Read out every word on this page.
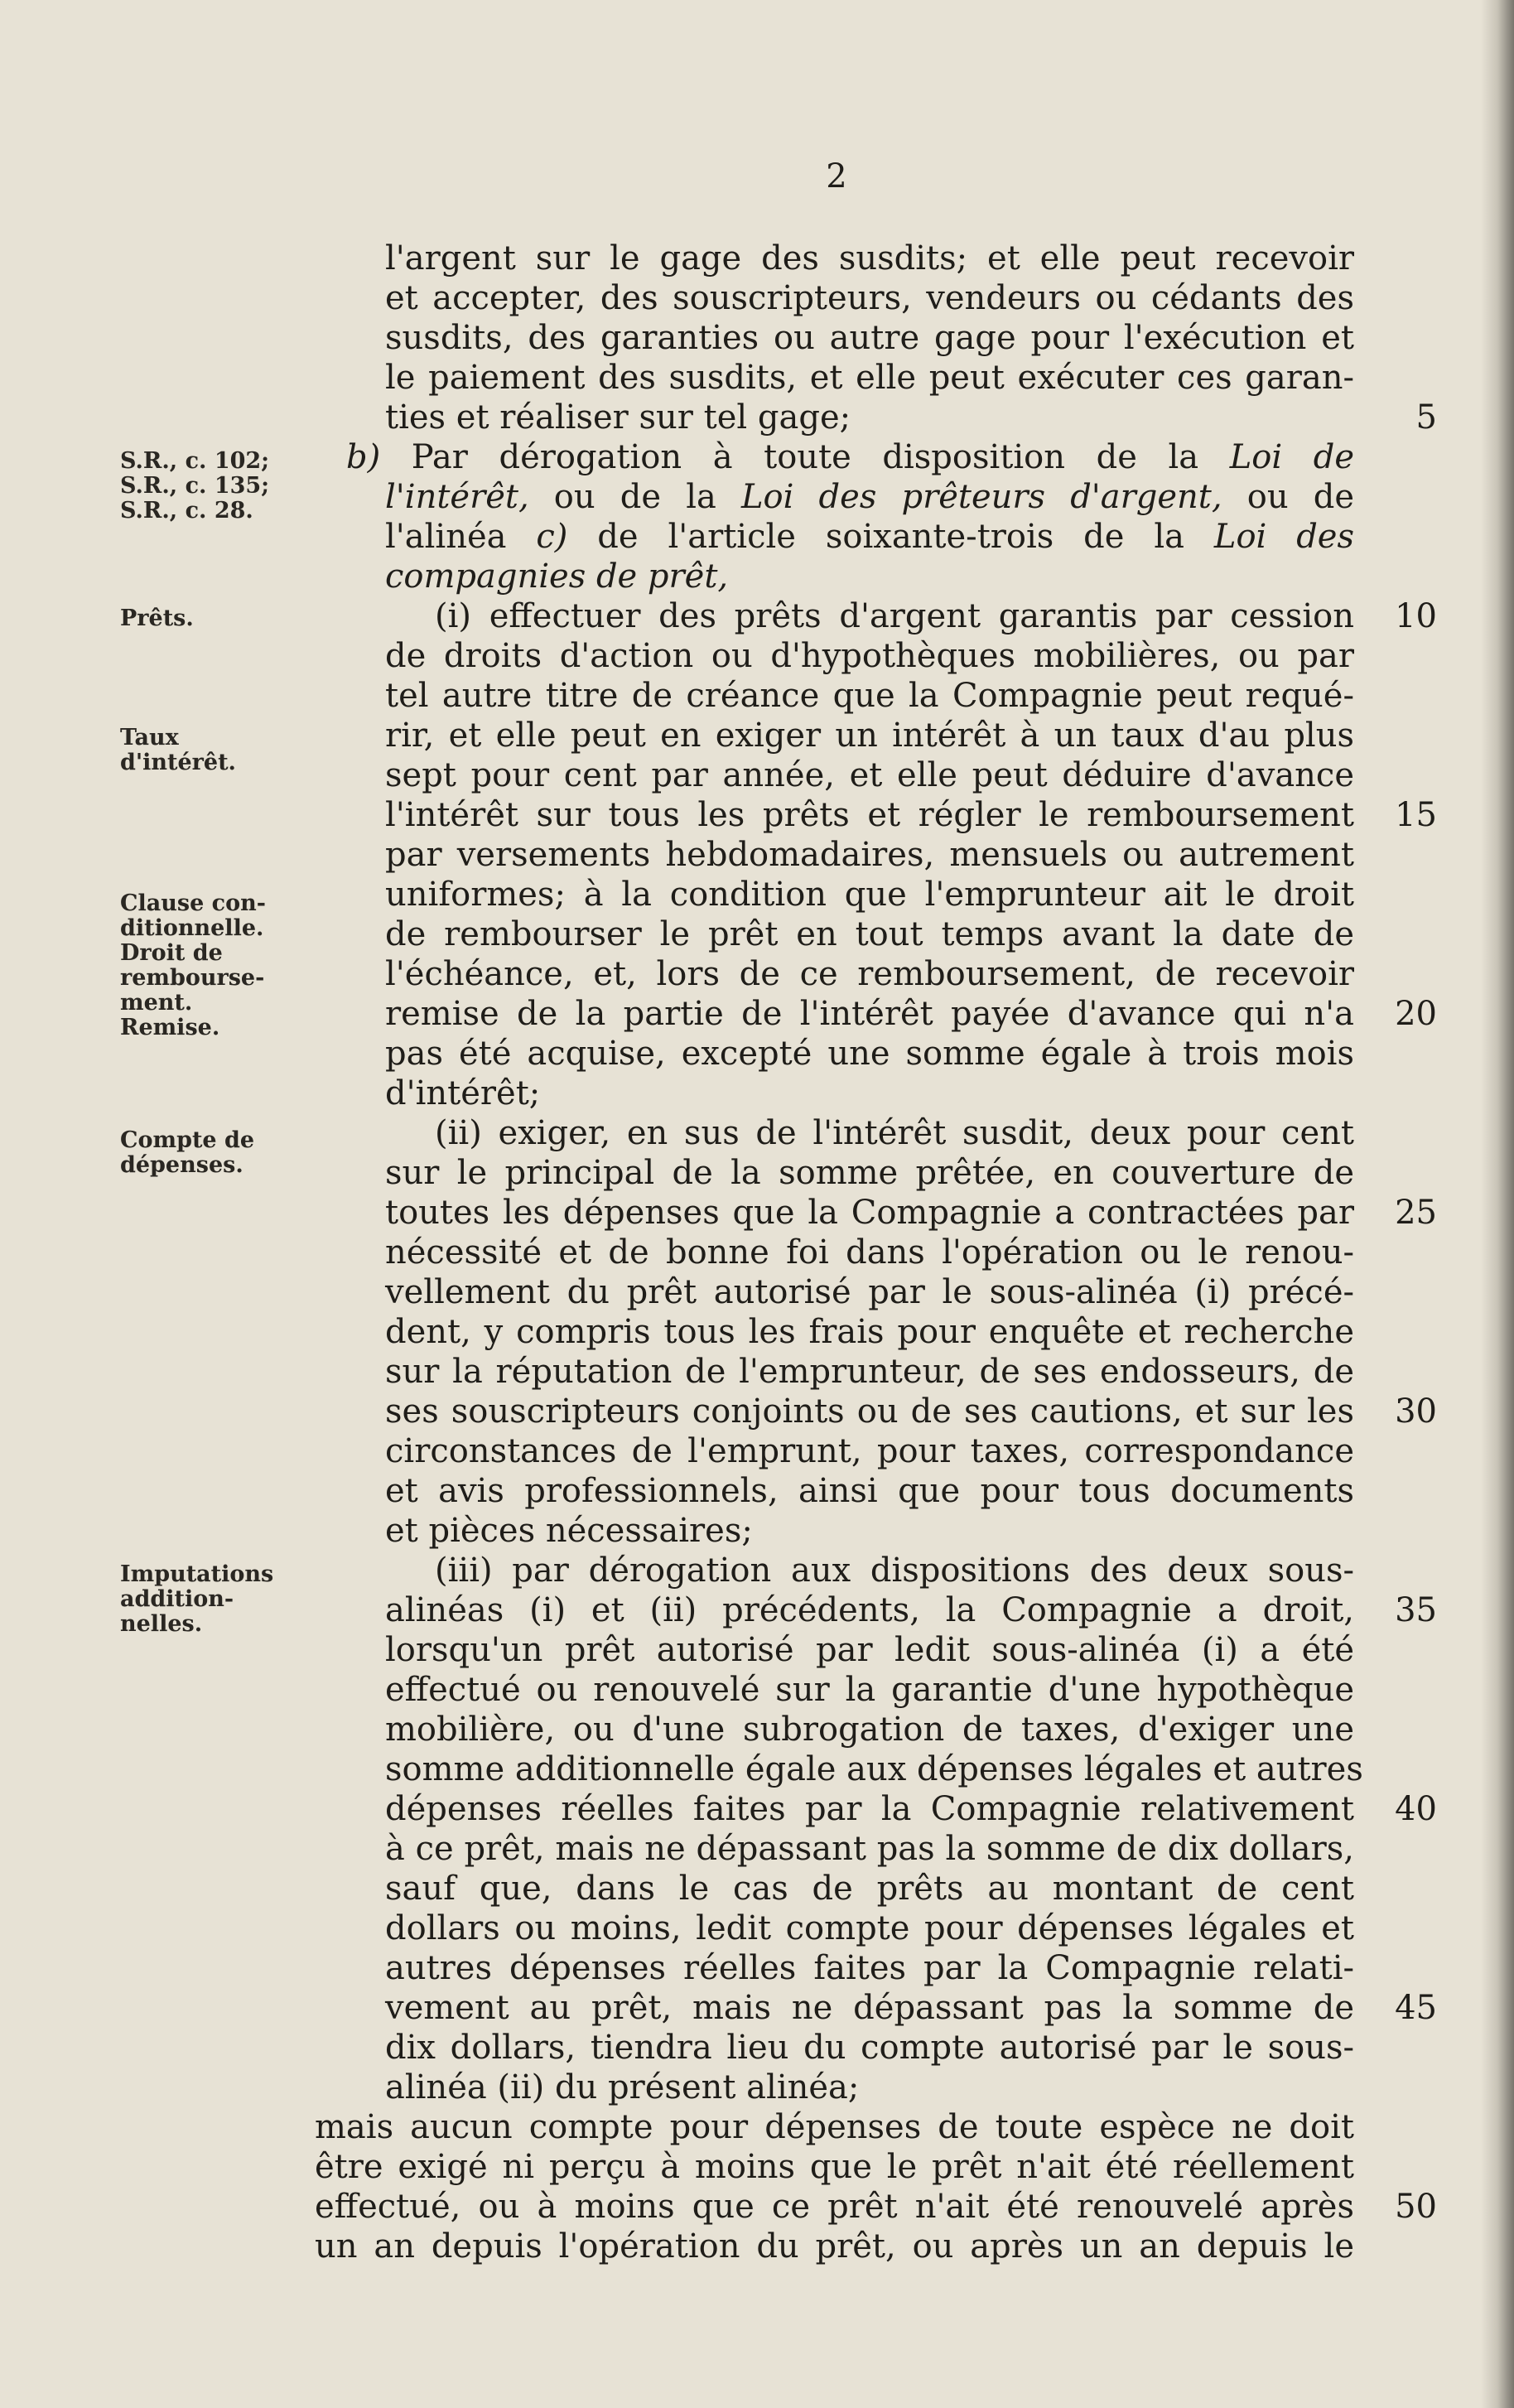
2
l'argent sur le gage des susdits; et elle peut recevoir
et accepter, des souscripteurs, vendeurs ou cédants des
susdits, des garanties ou autre gage pour l'exécution et
le paiement des susdits, et elle peut exécuter ces garan-
ties et réaliser sur tel gage;
b) Par dérogation à toute disposition de la Loi de
l'intérêt, ou de la Loi des prêteurs d'argent, ou de
l'alinéa c) de l'article soixante-trois de la Loi des
compagnies de prêt,
(i) effectuer des prêts d'argent garantis par cession
de droits d'action ou d'hypothèques mobilières, ou par
tel autre titre de créance que la Compagnie peut requé-
rir, et elle peut en exiger un intérêt à un taux d'au plus
sept pour cent par année, et elle peut déduire d'avance
l'intérêt sur tous les prêts et régler le remboursement
par versements hebdomadaires, mensuels ou autrement
uniformes; à la condition que l'emprunteur ait le droit
de rembourser le prêt en tout temps avant la date de
l'échéance, et, lors de ce remboursement, de recevoir
remise de la partie de l'intérêt payée d'avance qui n'a
pas été acquise, excepté une somme égale à trois mois
d'intérêt;
(ii) exiger, en sus de l'intérêt susdit, deux pour cent
sur le principal de la somme prêtée, en couverture de
toutes les dépenses que la Compagnie a contractées par
nécessité et de bonne foi dans l'opération ou le renou-
vellement du prêt autorisé par le sous-alinéa (i) précé-
dent, y compris tous les frais pour enquête et recherche
sur la réputation de l'emprunteur, de ses endosseurs, de
ses souscripteurs conjoints ou de ses cautions, et sur les
circonstances de l'emprunt, pour taxes, correspondance
et avis professionnels, ainsi que pour tous documents
et pièces nécessaires;
(iii) par dérogation aux dispositions des deux sous-
alinéas (i) et (ii) précédents, la Compagnie a droit,
lorsqu'un prêt autorisé par ledit sous-alinéa (i) a été
effectué ou renouvelé sur la garantie d'une hypothèque
mobilière, ou d'une subrogation de taxes, d'exiger une
somme additionnelle égale aux dépenses légales et autres
dépenses réelles faites par la Compagnie relativement
à ce prêt, mais ne dépassant pas la somme de dix dollars,
sauf que, dans le cas de prêts au montant de cent
dollars ou moins, ledit compte pour dépenses légales et
autres dépenses réelles faites par la Compagnie relati-
vement au prêt, mais ne dépassant pas la somme de
dix dollars, tiendra lieu du compte autorisé par le sous-
alinéa (ii) du présent alinéa;
mais aucun compte pour dépenses de toute espèce ne doit
être exigé ni perçu à moins que le prêt n'ait été réellement
effectué, ou à moins que ce prêt n'ait été renouvelé après
un an depuis l'opération du prêt, ou après un an depuis le
5
10
15
20
25
30
35
40
45
50
S.R., c. 102;
S.R., c. 135;
S.R., c. 28.
Prêts.
Taux
d'intérêt.
Clause con-
ditionnelle.
Droit de
rembourse-
ment.
Remise.
Compte de
dépenses.
Imputations
addition-
nelles.
